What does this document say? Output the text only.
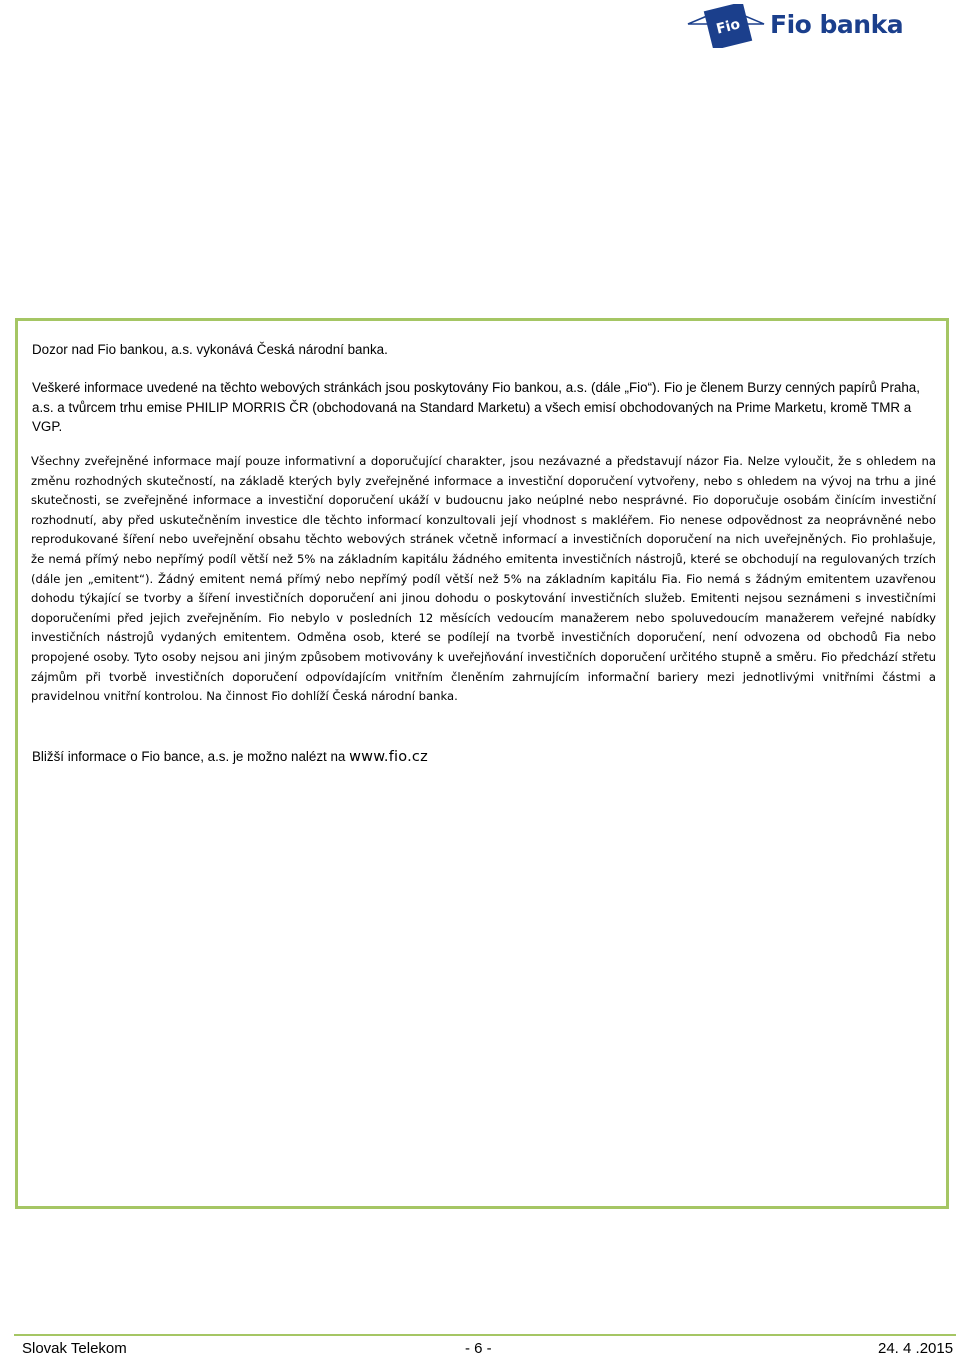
Fio Fio banka

Dozor nad Fio bankou, a.s. vykonává Česká národní banka.

Veškeré informace uvedené na těchto webových stránkách jsou poskytovány Fio bankou, a.s. (dále „Fio“). Fio je členem Burzy cenných papírů Praha, a.s. a tvůrcem trhu emise PHILIP MORRIS ČR (obchodovaná na Standard Marketu) a všech emisí obchodovaných na Prime Marketu, kromě TMR a VGP.

Všechny zveřejněné informace mají pouze informativní a doporučující charakter, jsou nezávazné a představují názor Fia. Nelze vyloučit, že s ohledem na změnu rozhodných skutečností, na základě kterých byly zveřejněné informace a investiční doporučení vytvořeny, nebo s ohledem na vývoj na trhu a jiné skutečnosti, se zveřejněné informace a investiční doporučení ukáží v budoucnu jako neúplné nebo nesprávné. Fio doporučuje osobám činícím investiční rozhodnutí, aby před uskutečněním investice dle těchto informací konzultovali její vhodnost s makléřem. Fio nenese odpovědnost za neoprávněné nebo reprodukované šíření nebo uveřejnění obsahu těchto webových stránek včetně informací a investičních doporučení na nich uveřejněných. Fio prohlašuje, že nemá přímý nebo nepřímý podíl větší než 5% na základním kapitálu žádného emitenta investičních nástrojů, které se obchodují na regulovaných trzích (dále jen „emitent“). Žádný emitent nemá přímý nebo nepřímý podíl větší než 5% na základním kapitálu Fia. Fio nemá s žádným emitentem uzavřenou dohodu týkající se tvorby a šíření investičních doporučení ani jinou dohodu o poskytování investičních služeb. Emitenti nejsou seznámeni s investičními doporučeními před jejich zveřejněním. Fio nebylo v posledních 12 měsících vedoucím manažerem nebo spoluvedoucím manažerem veřejné nabídky investičních nástrojů vydaných emitentem. Odměna osob, které se podílejí na tvorbě investičních doporučení, není odvozena od obchodů Fia nebo propojené osoby. Tyto osoby nejsou ani jiným způsobem motivovány k uveřejňování investičních doporučení určitého stupně a směru. Fio předchází střetu zájmům při tvorbě investičních doporučení odpovídajícím vnitřním členěním zahrnujícím informační bariery mezi jednotlivými vnitřními částmi a pravidelnou vnitřní kontrolou. Na činnost Fio dohlíží Česká národní banka.

Bližší informace o Fio bance, a.s. je možno nalézt na www.fio.cz

Slovak Telekom	- 6 -	24. 4 .2015
